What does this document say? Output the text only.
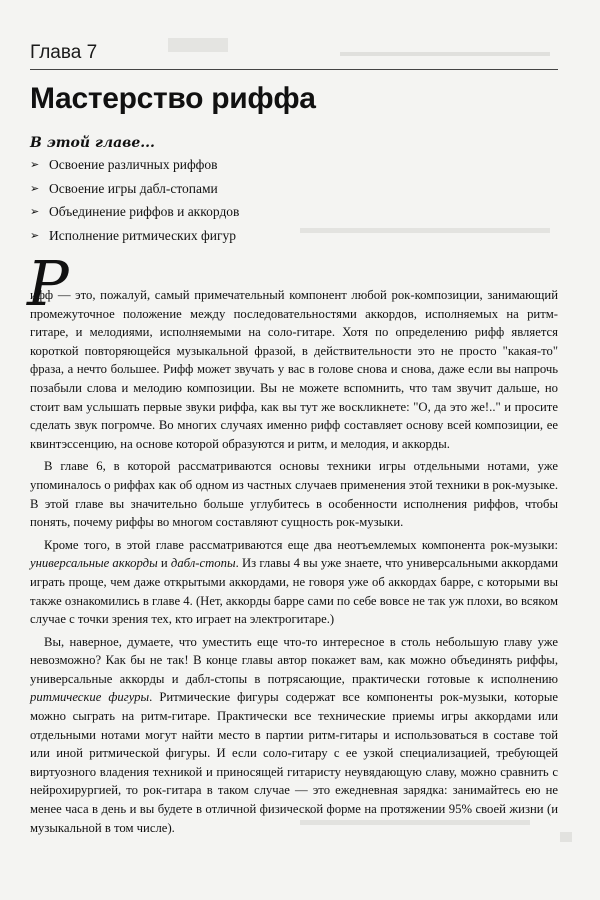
Глава 7
Мастерство риффа
В этой главе...
➢ Освоение различных риффов
➢ Освоение игры дабл-стопами
➢ Объединение риффов и аккордов
➢ Исполнение ритмических фигур
Р

ифф — это, пожалуй, самый примечательный компонент любой рок-композиции, занимающий промежуточное положение между последовательностями аккордов, исполняемых на ритм-гитаре, и мелодиями, исполняемыми на соло-гитаре. Хотя по определению рифф является короткой повторяющейся музыкальной фразой, в действительности это не просто "какая-то" фраза, а нечто большее. Рифф может звучать у вас в голове снова и снова, даже если вы напрочь позабыли слова и мелодию композиции. Вы не можете вспомнить, что там звучит дальше, но стоит вам услышать первые звуки риффа, как вы тут же воскликнете: "О, да это же!.." и просите сделать звук погромче. Во многих случаях именно рифф составляет основу всей композиции, ее квинтэссенцию, на основе которой образуются и ритм, и мелодия, и аккорды.

В главе 6, в которой рассматриваются основы техники игры отдельными нотами, уже упоминалось о риффах как об одном из частных случаев применения этой техники в рок-музыке. В этой главе вы значительно больше углубитесь в особенности исполнения риффов, чтобы понять, почему риффы во многом составляют сущность рок-музыки.

Кроме того, в этой главе рассматриваются еще два неотъемлемых компонента рок-музыки: универсальные аккорды и дабл-стопы. Из главы 4 вы уже знаете, что универсальными аккордами играть проще, чем даже открытыми аккордами, не говоря уже об аккордах барре, с которыми вы также ознакомились в главе 4. (Нет, аккорды барре сами по себе вовсе не так уж плохи, во всяком случае с точки зрения тех, кто играет на электрогитаре.)

Вы, наверное, думаете, что уместить еще что-то интересное в столь небольшую главу уже невозможно? Как бы не так! В конце главы автор покажет вам, как можно объединять риффы, универсальные аккорды и дабл-стопы в потрясающие, практически готовые к исполнению ритмические фигуры. Ритмические фигуры содержат все компоненты рок-музыки, которые можно сыграть на ритм-гитаре. Практически все технические приемы игры аккордами или отдельными нотами могут найти место в партии ритм-гитары и использоваться в составе той или иной ритмической фигуры. И если соло-гитару с ее узкой специализацией, требующей виртуозного владения техникой и приносящей гитаристу неувядающую славу, можно сравнить с нейрохирургией, то рок-гитара в таком случае — это ежедневная зарядка: занимайтесь ею не менее часа в день и вы будете в отличной физической форме на протяжении 95% своей жизни (и музыкальной в том числе).
